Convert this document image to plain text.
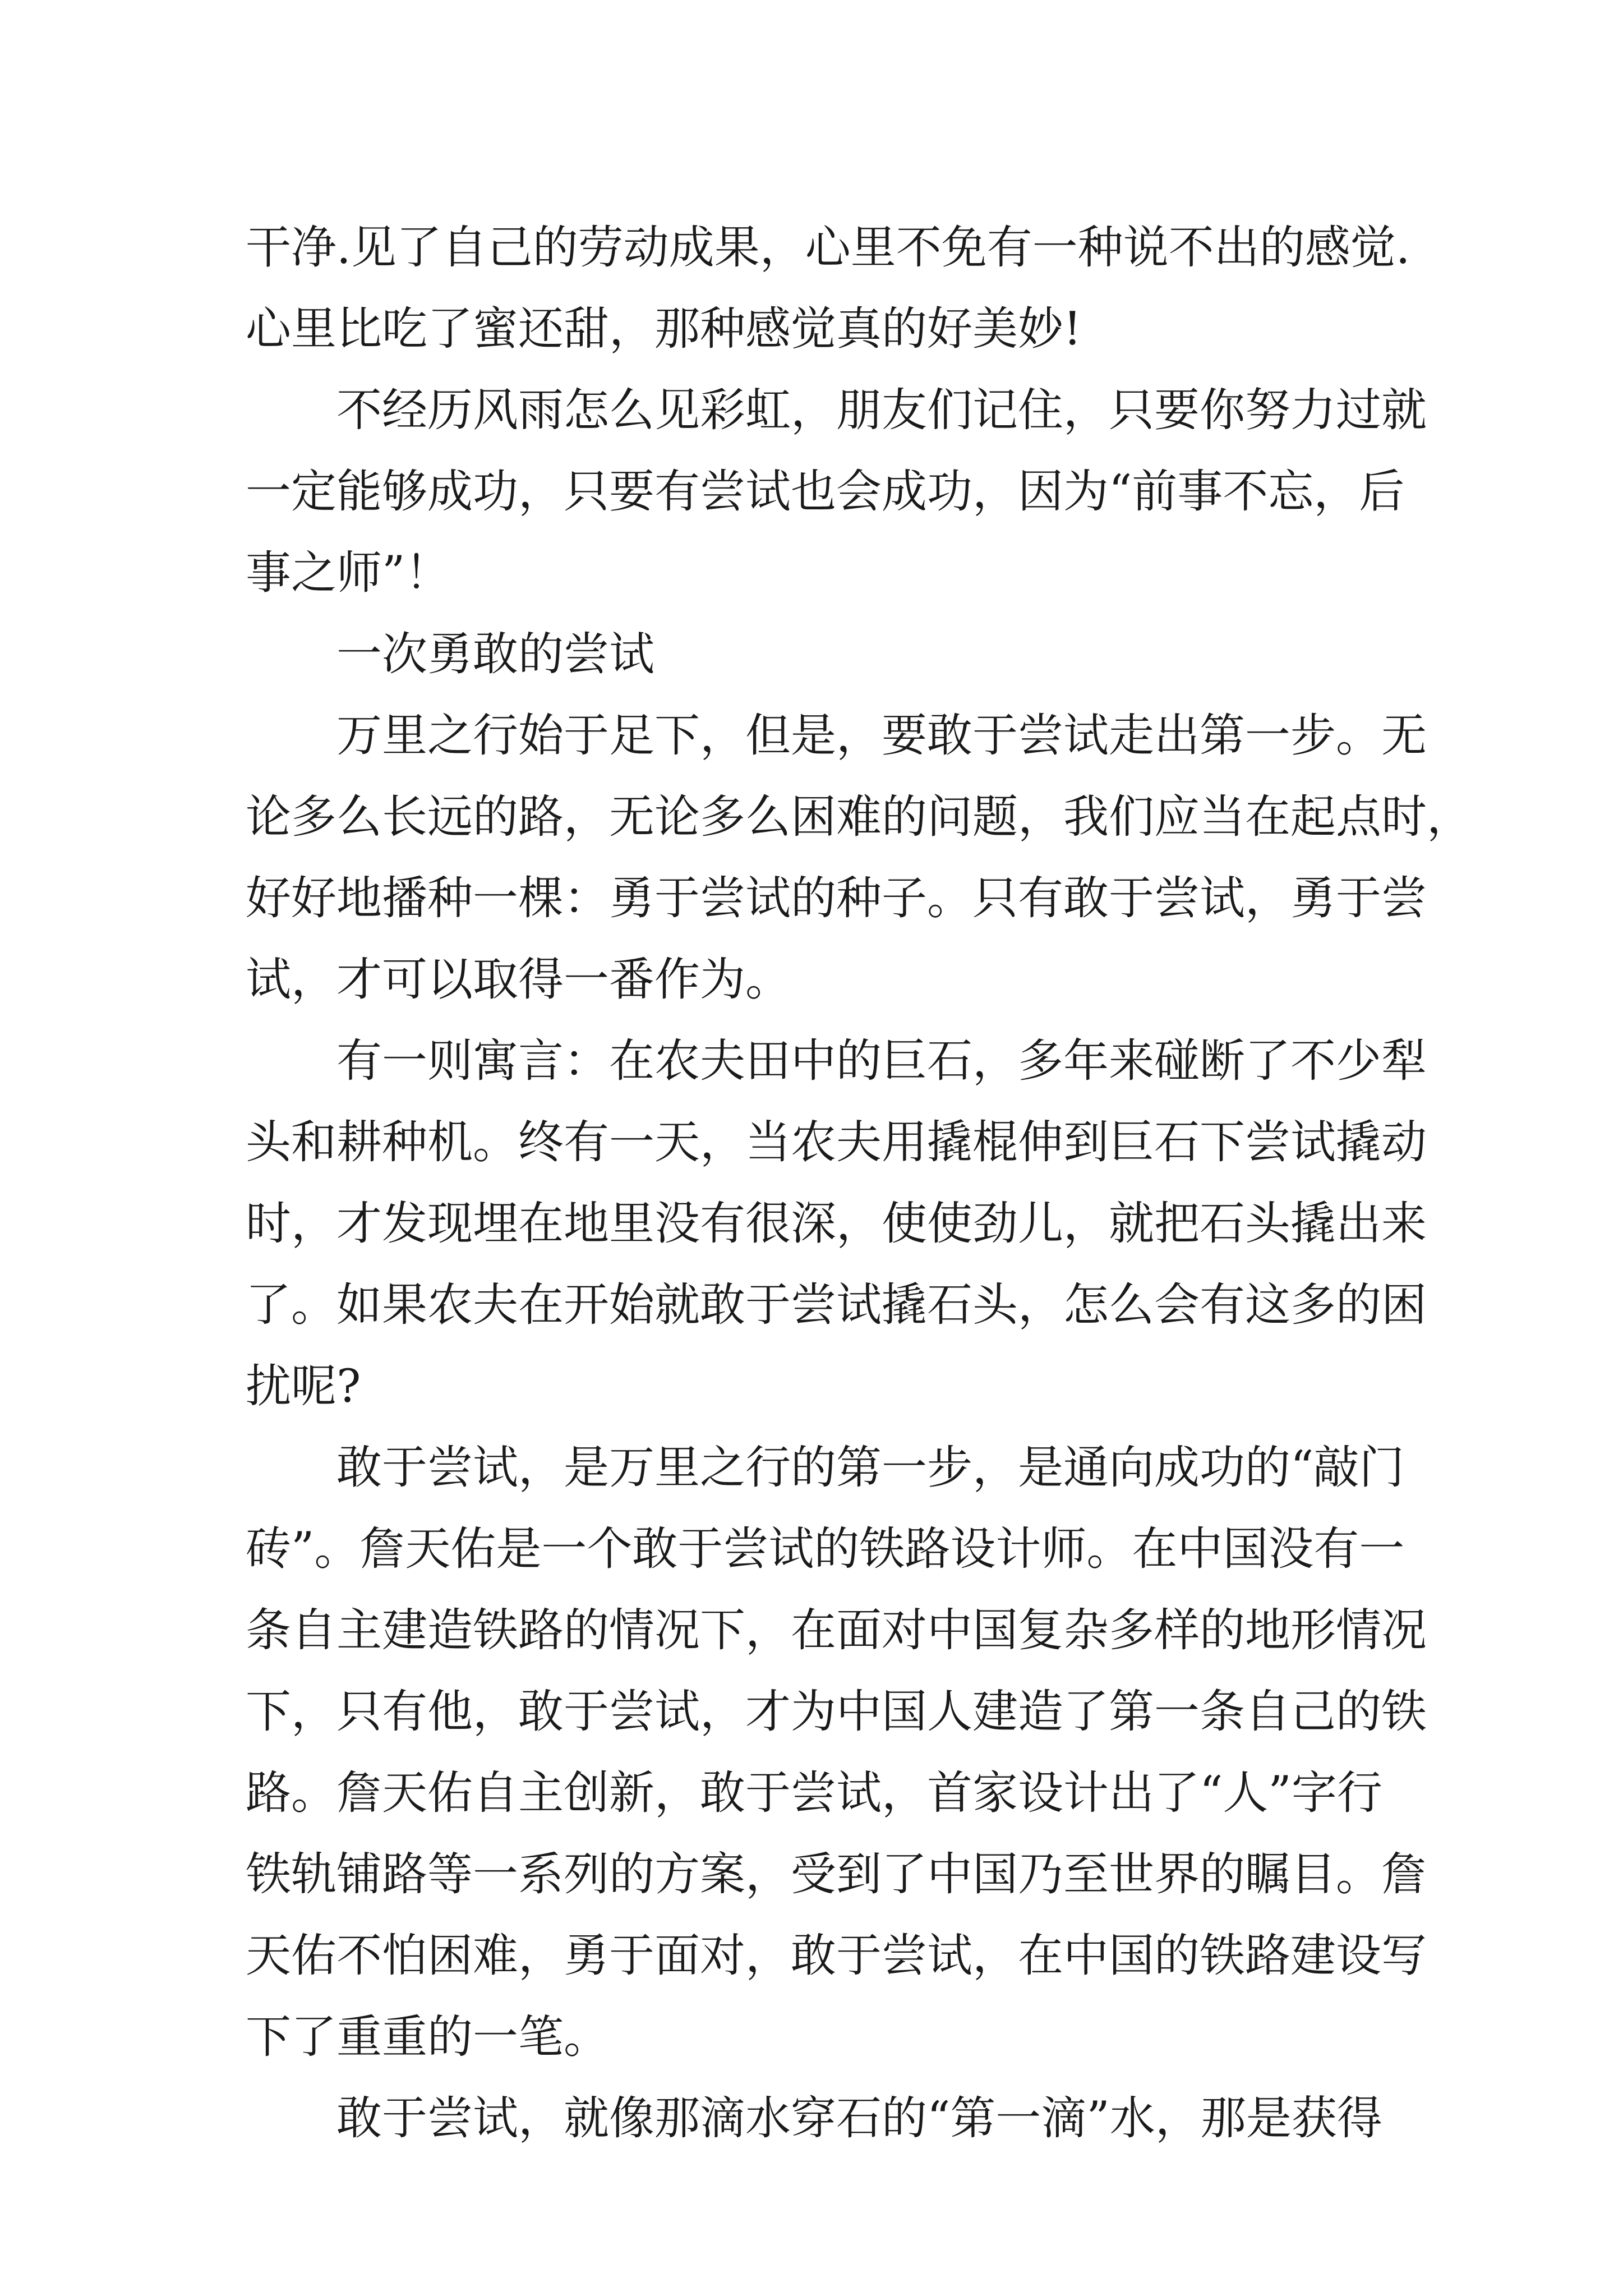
干净.见了自己的劳动成果，心里不免有一种说不出的感觉.
心里比吃了蜜还甜，那种感觉真的好美妙!
不经历风雨怎么见彩虹，朋友们记住，只要你努力过就
一定能够成功，只要有尝试也会成功，因为“前事不忘，后
事之师”！
一次勇敢的尝试
万里之行始于足下，但是，要敢于尝试走出第一步。无
论多么长远的路，无论多么困难的问题，我们应当在起点时，
好好地播种一棵：勇于尝试的种子。只有敢于尝试，勇于尝
试，才可以取得一番作为。
有一则寓言：在农夫田中的巨石，多年来碰断了不少犁
头和耕种机。终有一天，当农夫用撬棍伸到巨石下尝试撬动
时，才发现埋在地里没有很深，使使劲儿，就把石头撬出来
了。如果农夫在开始就敢于尝试撬石头，怎么会有这多的困
扰呢?
敢于尝试，是万里之行的第一步，是通向成功的“敲门
砖”。詹天佑是一个敢于尝试的铁路设计师。在中国没有一
条自主建造铁路的情况下，在面对中国复杂多样的地形情况
下，只有他，敢于尝试，才为中国人建造了第一条自己的铁
路。詹天佑自主创新，敢于尝试，首家设计出了“人”字行
铁轨铺路等一系列的方案，受到了中国乃至世界的瞩目。詹
天佑不怕困难，勇于面对，敢于尝试，在中国的铁路建设写
下了重重的一笔。
敢于尝试，就像那滴水穿石的“第一滴”水，那是获得
